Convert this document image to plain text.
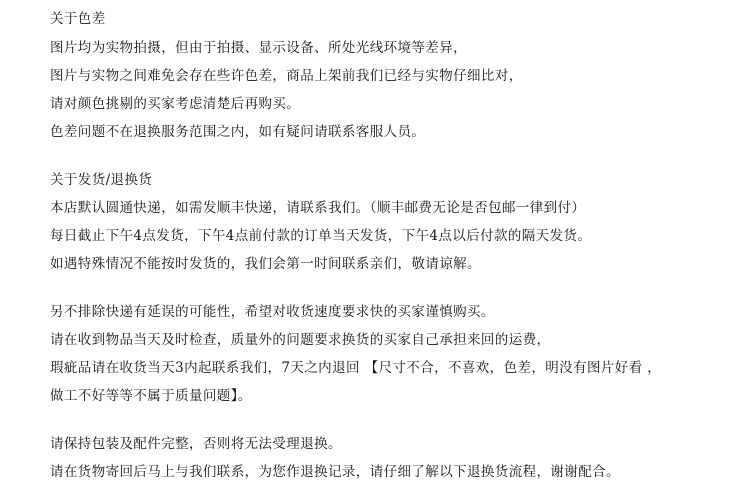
关于色差
图片均为实物拍摄，但由于拍摄、显示设备、所处光线环境等差异，
图片与实物之间难免会存在些许色差，商品上架前我们已经与实物仔细比对，
请对颜色挑剔的买家考虑清楚后再购买。
色差问题不在退换服务范围之内，如有疑问请联系客服人员。
关于发货/退换货
本店默认圆通快递，如需发顺丰快递，请联系我们。（顺丰邮费无论是否包邮一律到付）
每日截止下午4点发货，下午4点前付款的订单当天发货，下午4点以后付款的隔天发货。
如遇特殊情况不能按时发货的，我们会第一时间联系亲们，敬请谅解。
另不排除快递有延误的可能性，希望对收货速度要求快的买家谨慎购买。
请在收到物品当天及时检查，质量外的问题要求换货的买家自己承担来回的运费，
瑕疵品请在收货当天3内起联系我们，7天之内退回 【尺寸不合，不喜欢，色差，明没有图片好看 ，
做工不好等等不属于质量问题】。
请保持包装及配件完整，否则将无法受理退换。
请在货物寄回后马上与我们联系，为您作退换记录，请仔细了解以下退换货流程，谢谢配合。
